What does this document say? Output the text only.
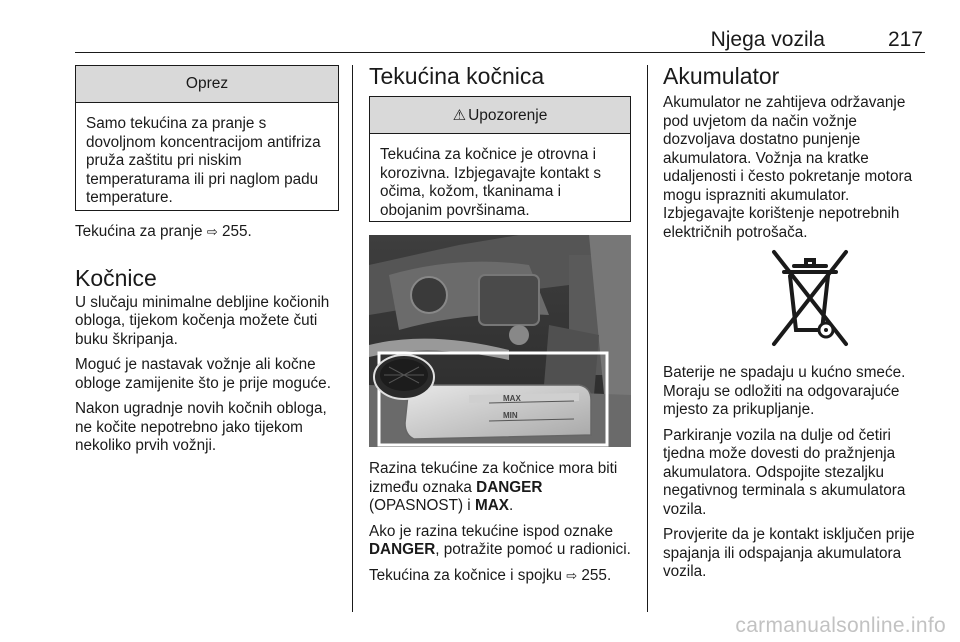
Njega vozila	217
Oprez
Samo tekućina za pranje s dovoljnom koncentracijom antifriza pruža zaštitu pri niskim temperaturama ili pri naglom padu temperature.

Tekućina za pranje ⇨ 255.

Kočnice

U slučaju minimalne debljine kočionih obloga, tijekom kočenja možete čuti buku škripanja.

Moguć je nastavak vožnje ali kočne obloge zamijenite što je prije moguće.

Nakon ugradnje novih kočnih obloga, ne kočite nepotrebno jako tijekom nekoliko prvih vožnji.

Tekućina kočnica
⚠ Upozorenje
Tekućina za kočnice je otrovna i korozivna. Izbjegavajte kontakt s očima, kožom, tkaninama i obojanim površinama.
MAX
MIN

Razina tekućine za kočnice mora biti između oznaka DANGER (OPASNOST) i MAX.

Ako je razina tekućine ispod oznake DANGER, potražite pomoć u radionici.

Tekućina za kočnice i spojku ⇨ 255.

Akumulator

Akumulator ne zahtijeva održavanje pod uvjetom da način vožnje dozvoljava dostatno punjenje akumulatora. Vožnja na kratke udaljenosti i često pokretanje motora mogu isprazniti akumulator. Izbjegavajte korištenje nepotrebnih električnih potrošača.

Baterije ne spadaju u kućno smeće. Moraju se odložiti na odgovarajuće mjesto za prikupljanje.

Parkiranje vozila na dulje od četiri tjedna može dovesti do pražnjenja akumulatora. Odspojite stezaljku negativnog terminala s akumulatora vozila.

Provjerite da je kontakt isključen prije spajanja ili odspajanja akumulatora vozila.

carmanualsonline.info
